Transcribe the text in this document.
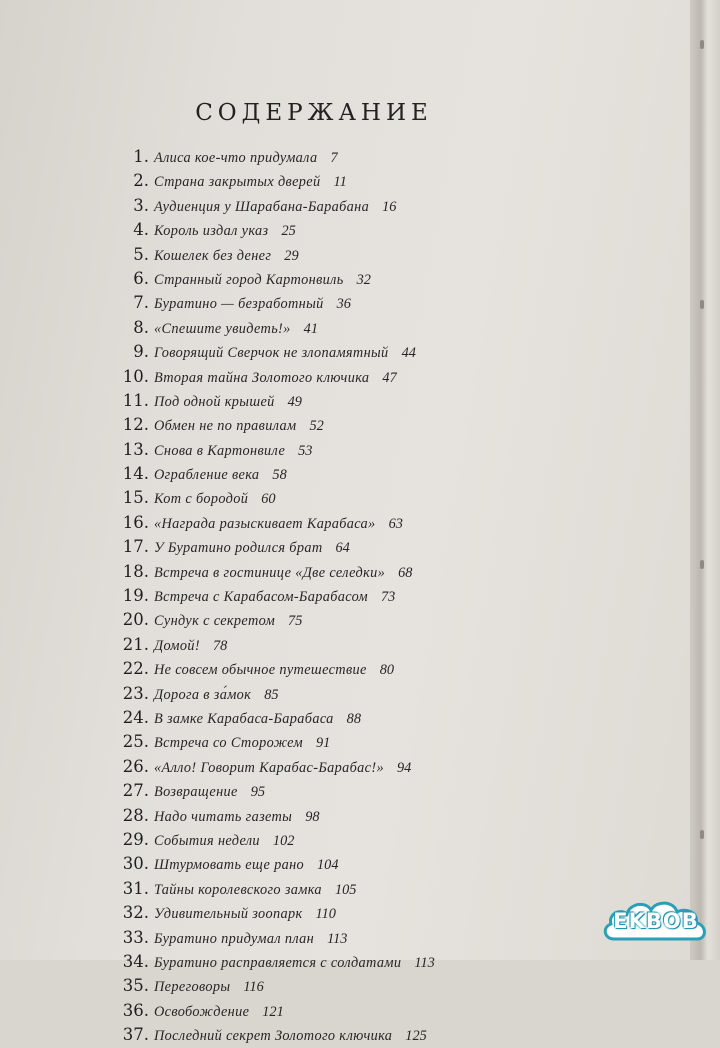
СОДЕРЖАНИЕ
1. Алиса кое-что придумала 7
2. Страна закрытых дверей 11
3. Аудиенция у Шарабана-Барабана 16
4. Король издал указ 25
5. Кошелек без денег 29
6. Странный город Картонвиль 32
7. Буратино — безработный 36
8. «Спешите увидеть!» 41
9. Говорящий Сверчок не злопамятный 44
10. Вторая тайна Золотого ключика 47
11. Под одной крышей 49
12. Обмен не по правилам 52
13. Снова в Картонвиле 53
14. Ограбление века 58
15. Кот с бородой 60
16. «Награда разыскивает Карабаса» 63
17. У Буратино родился брат 64
18. Встреча в гостинице «Две селедки» 68
19. Встреча с Карабасом-Барабасом 73
20. Сундук с секретом 75
21. Домой! 78
22. Не совсем обычное путешествие 80
23. Дорога в за́мок 85
24. В замке Карабаса-Барабаса 88
25. Встреча со Сторожем 91
26. «Алло! Говорит Карабас-Барабас!» 94
27. Возвращение 95
28. Надо читать газеты 98
29. События недели 102
30. Штурмовать еще рано 104
31. Тайны королевского замка 105
32. Удивительный зоопарк 110
33. Буратино придумал план 113
34. Буратино расправляется с солдатами 113
35. Переговоры 116
36. Освобождение 121
37. Последний секрет Золотого ключика 125
EKBOB
